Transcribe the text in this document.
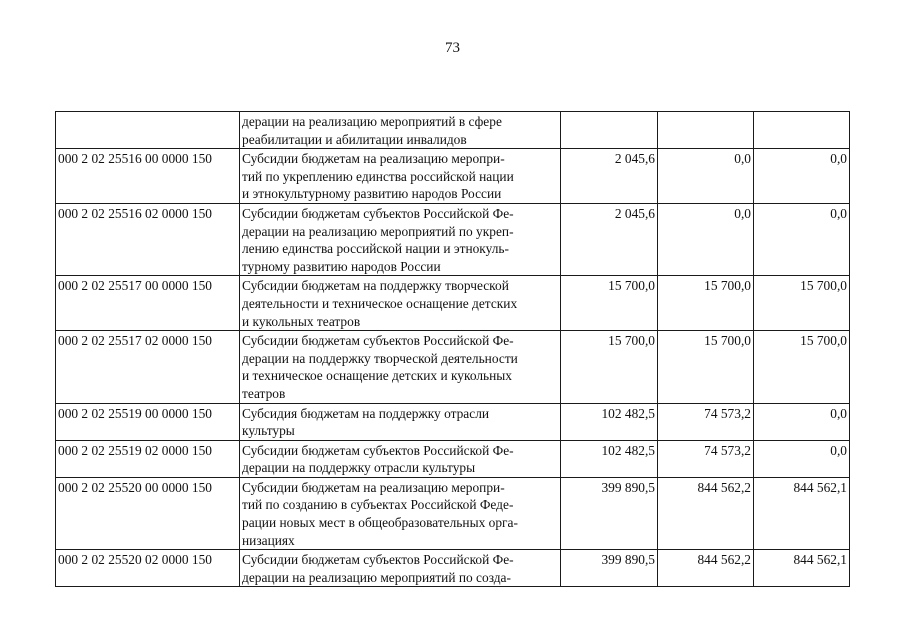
73

	дерации на реализацию мероприятий в сфере
реабилитации и абилитации инвалидов			

000 2 02 25516 00 0000 150	Субсидии бюджетам на реализацию меропри-
тий по укреплению единства российской нации
и этнокультурному развитию народов России	2 045,6	0,0	0,0
000 2 02 25516 02 0000 150	Субсидии бюджетам субъектов Российской Фе-
дерации на реализацию мероприятий по укреп-
лению единства российской нации и этнокуль-
турному развитию народов России	2 045,6	0,0	0,0
000 2 02 25517 00 0000 150	Субсидии бюджетам на поддержку творческой
деятельности и техническое оснащение детских
и кукольных театров	15 700,0	15 700,0	15 700,0
000 2 02 25517 02 0000 150	Субсидии бюджетам субъектов Российской Фе-
дерации на поддержку творческой деятельности
и техническое оснащение детских и кукольных
театров	15 700,0	15 700,0	15 700,0
000 2 02 25519 00 0000 150	Субсидия бюджетам на поддержку отрасли
культуры	102 482,5	74 573,2	0,0
000 2 02 25519 02 0000 150	Субсидии бюджетам субъектов Российской Фе-
дерации на поддержку отрасли культуры	102 482,5	74 573,2	0,0
000 2 02 25520 00 0000 150	Субсидии бюджетам на реализацию меропри-
тий по созданию в субъектах Российской Феде-
рации новых мест в общеобразовательных орга-
низациях	399 890,5	844 562,2	844 562,1
000 2 02 25520 02 0000 150	Субсидии бюджетам субъектов Российской Фе-
дерации на реализацию мероприятий по созда-	399 890,5	844 562,2	844 562,1
